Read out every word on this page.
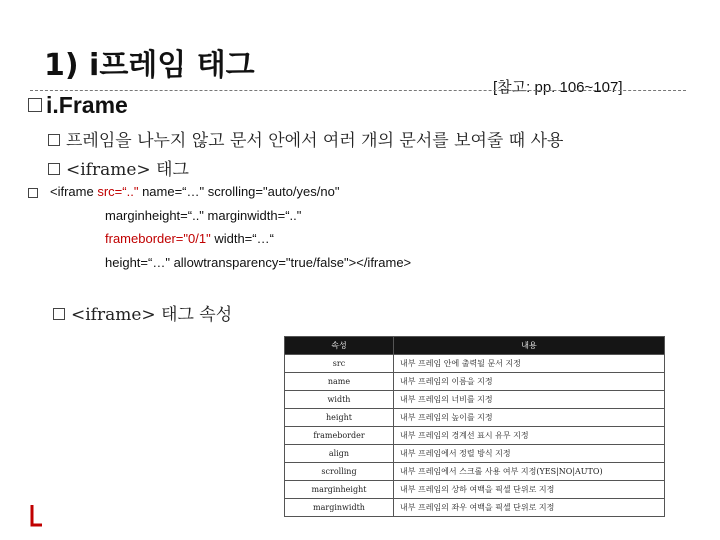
1) i프레임 태그
[참고: pp. 106~107]
i.Frame
프레임을 나누지 않고 문서 안에서 여러 개의 문서를 보여줄 때 사용
<iframe> 태그
<iframe src=“.." name=“…" scrolling="auto/yes/no"
marginheight=“.." marginwidth=“.."
frameborder="0/1" width=“…“
height=“…" allowtransparency="true/false"></iframe>
<iframe> 태그 속성
속성	내용
src	내부 프레임 안에 출력될 문서 지정
name	내부 프레임의 이름을 지정
width	내부 프레임의 너비를 지정
height	내부 프레임의 높이를 지정
frameborder	내부 프레임의 경계선 표시 유무 지정
align	내부 프레임에서 정렬 방식 지정
scrolling	내부 프레임에서 스크롤 사용 여부 지정(YES|NO|AUTO)
marginheight	내부 프레임의 상하 여백을 픽셀 단위로 지정
marginwidth	내부 프레임의 좌우 여백을 픽셀 단위로 지정
